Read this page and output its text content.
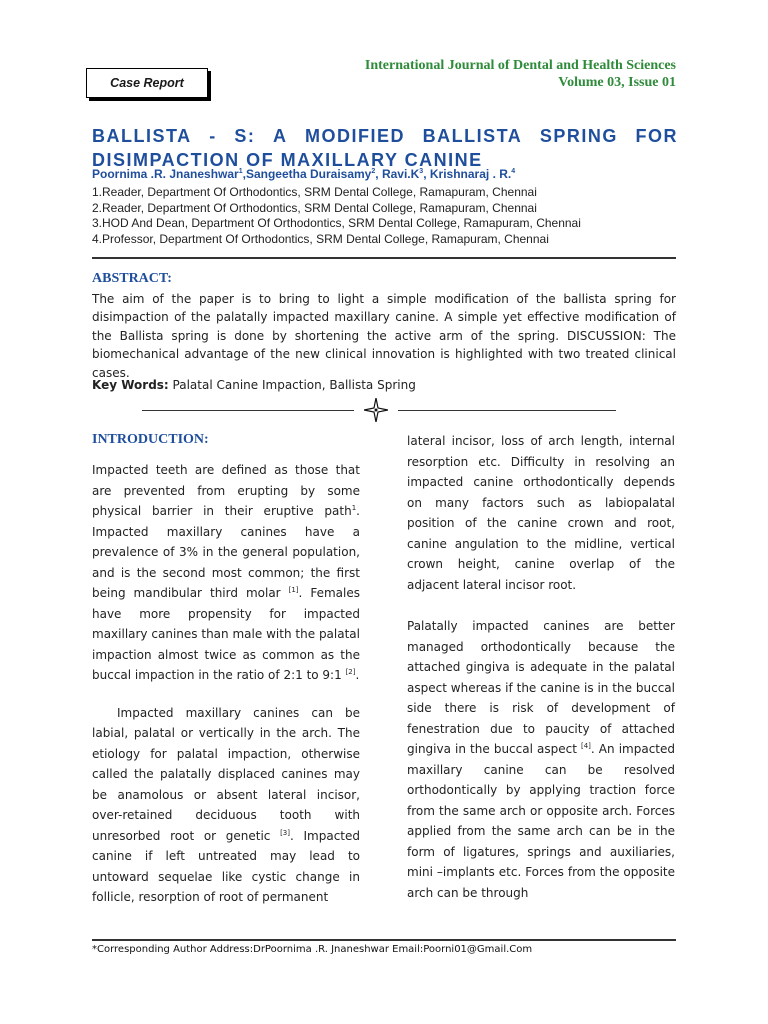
International Journal of Dental and Health Sciences
Volume 03, Issue 01
Case Report
BALLISTA - S: A MODIFIED BALLISTA SPRING FOR
DISIMPACTION OF MAXILLARY CANINE
Poornima .R. Jnaneshwar$^1$,Sangeetha Duraisamy$^2$, $Ravi.K^3$, Krishnaraj . R.$^4$
1.Reader, Department Of Orthodontics, SRM Dental College, Ramapuram, Chennai
2.Reader, Department Of Orthodontics, SRM Dental College, Ramapuram, Chennai
3.HOD And Dean, Department Of Orthodontics, SRM Dental College, Ramapuram, Chennai
4.Professor, Department Of Orthodontics, SRM Dental College, Ramapuram, Chennai
ABSTRACT:
The aim of the paper is to bring to light a simple modification of the ballista spring for disimpaction of the palatally impacted maxillary canine. A simple yet effective modification of the Ballista spring is done by shortening the active arm of the spring. DISCUSSION: The biomechanical advantage of the new clinical innovation is highlighted with two treated clinical cases.
Key Words: Palatal Canine Impaction, Ballista Spring
INTRODUCTION:

Impacted teeth are defined as those that are prevented from erupting by some physical barrier in their eruptive path$^1$. Impacted maxillary canines have a prevalence of 3% in the general population, and is the second most common; the first being mandibular third molar [1]. Females have more propensity for impacted maxillary canines than male with the palatal impaction almost twice as common as the buccal impaction in the ratio of 2:1 to 9:1 [2].

Impacted maxillary canines can be labial, palatal or vertically in the arch. The etiology for palatal impaction, otherwise called the palatally displaced canines may be anamolous or absent lateral incisor, over-retained deciduous tooth with unresorbed root or genetic [3]. Impacted canine if left untreated may lead to untoward sequelae like cystic change in follicle, resorption of root of permanent

lateral incisor, loss of arch length, internal resorption etc. Difficulty in resolving an impacted canine orthodontically depends on many factors such as labiopalatal position of the canine crown and root, canine angulation to the midline, vertical crown height, canine overlap of the adjacent lateral incisor root.

Palatally impacted canines are better managed orthodontically because the attached gingiva is adequate in the palatal aspect whereas if the canine is in the buccal side there is risk of development of fenestration due to paucity of attached gingiva in the buccal aspect [4]. An impacted maxillary canine can be resolved orthodontically by applying traction force from the same arch or opposite arch. Forces applied from the same arch can be in the form of ligatures, springs and auxiliaries, mini –implants etc. Forces from the opposite arch can be through

*Corresponding Author Address:DrPoornima .R. Jnaneshwar Email:Poorni01@Gmail.Com
